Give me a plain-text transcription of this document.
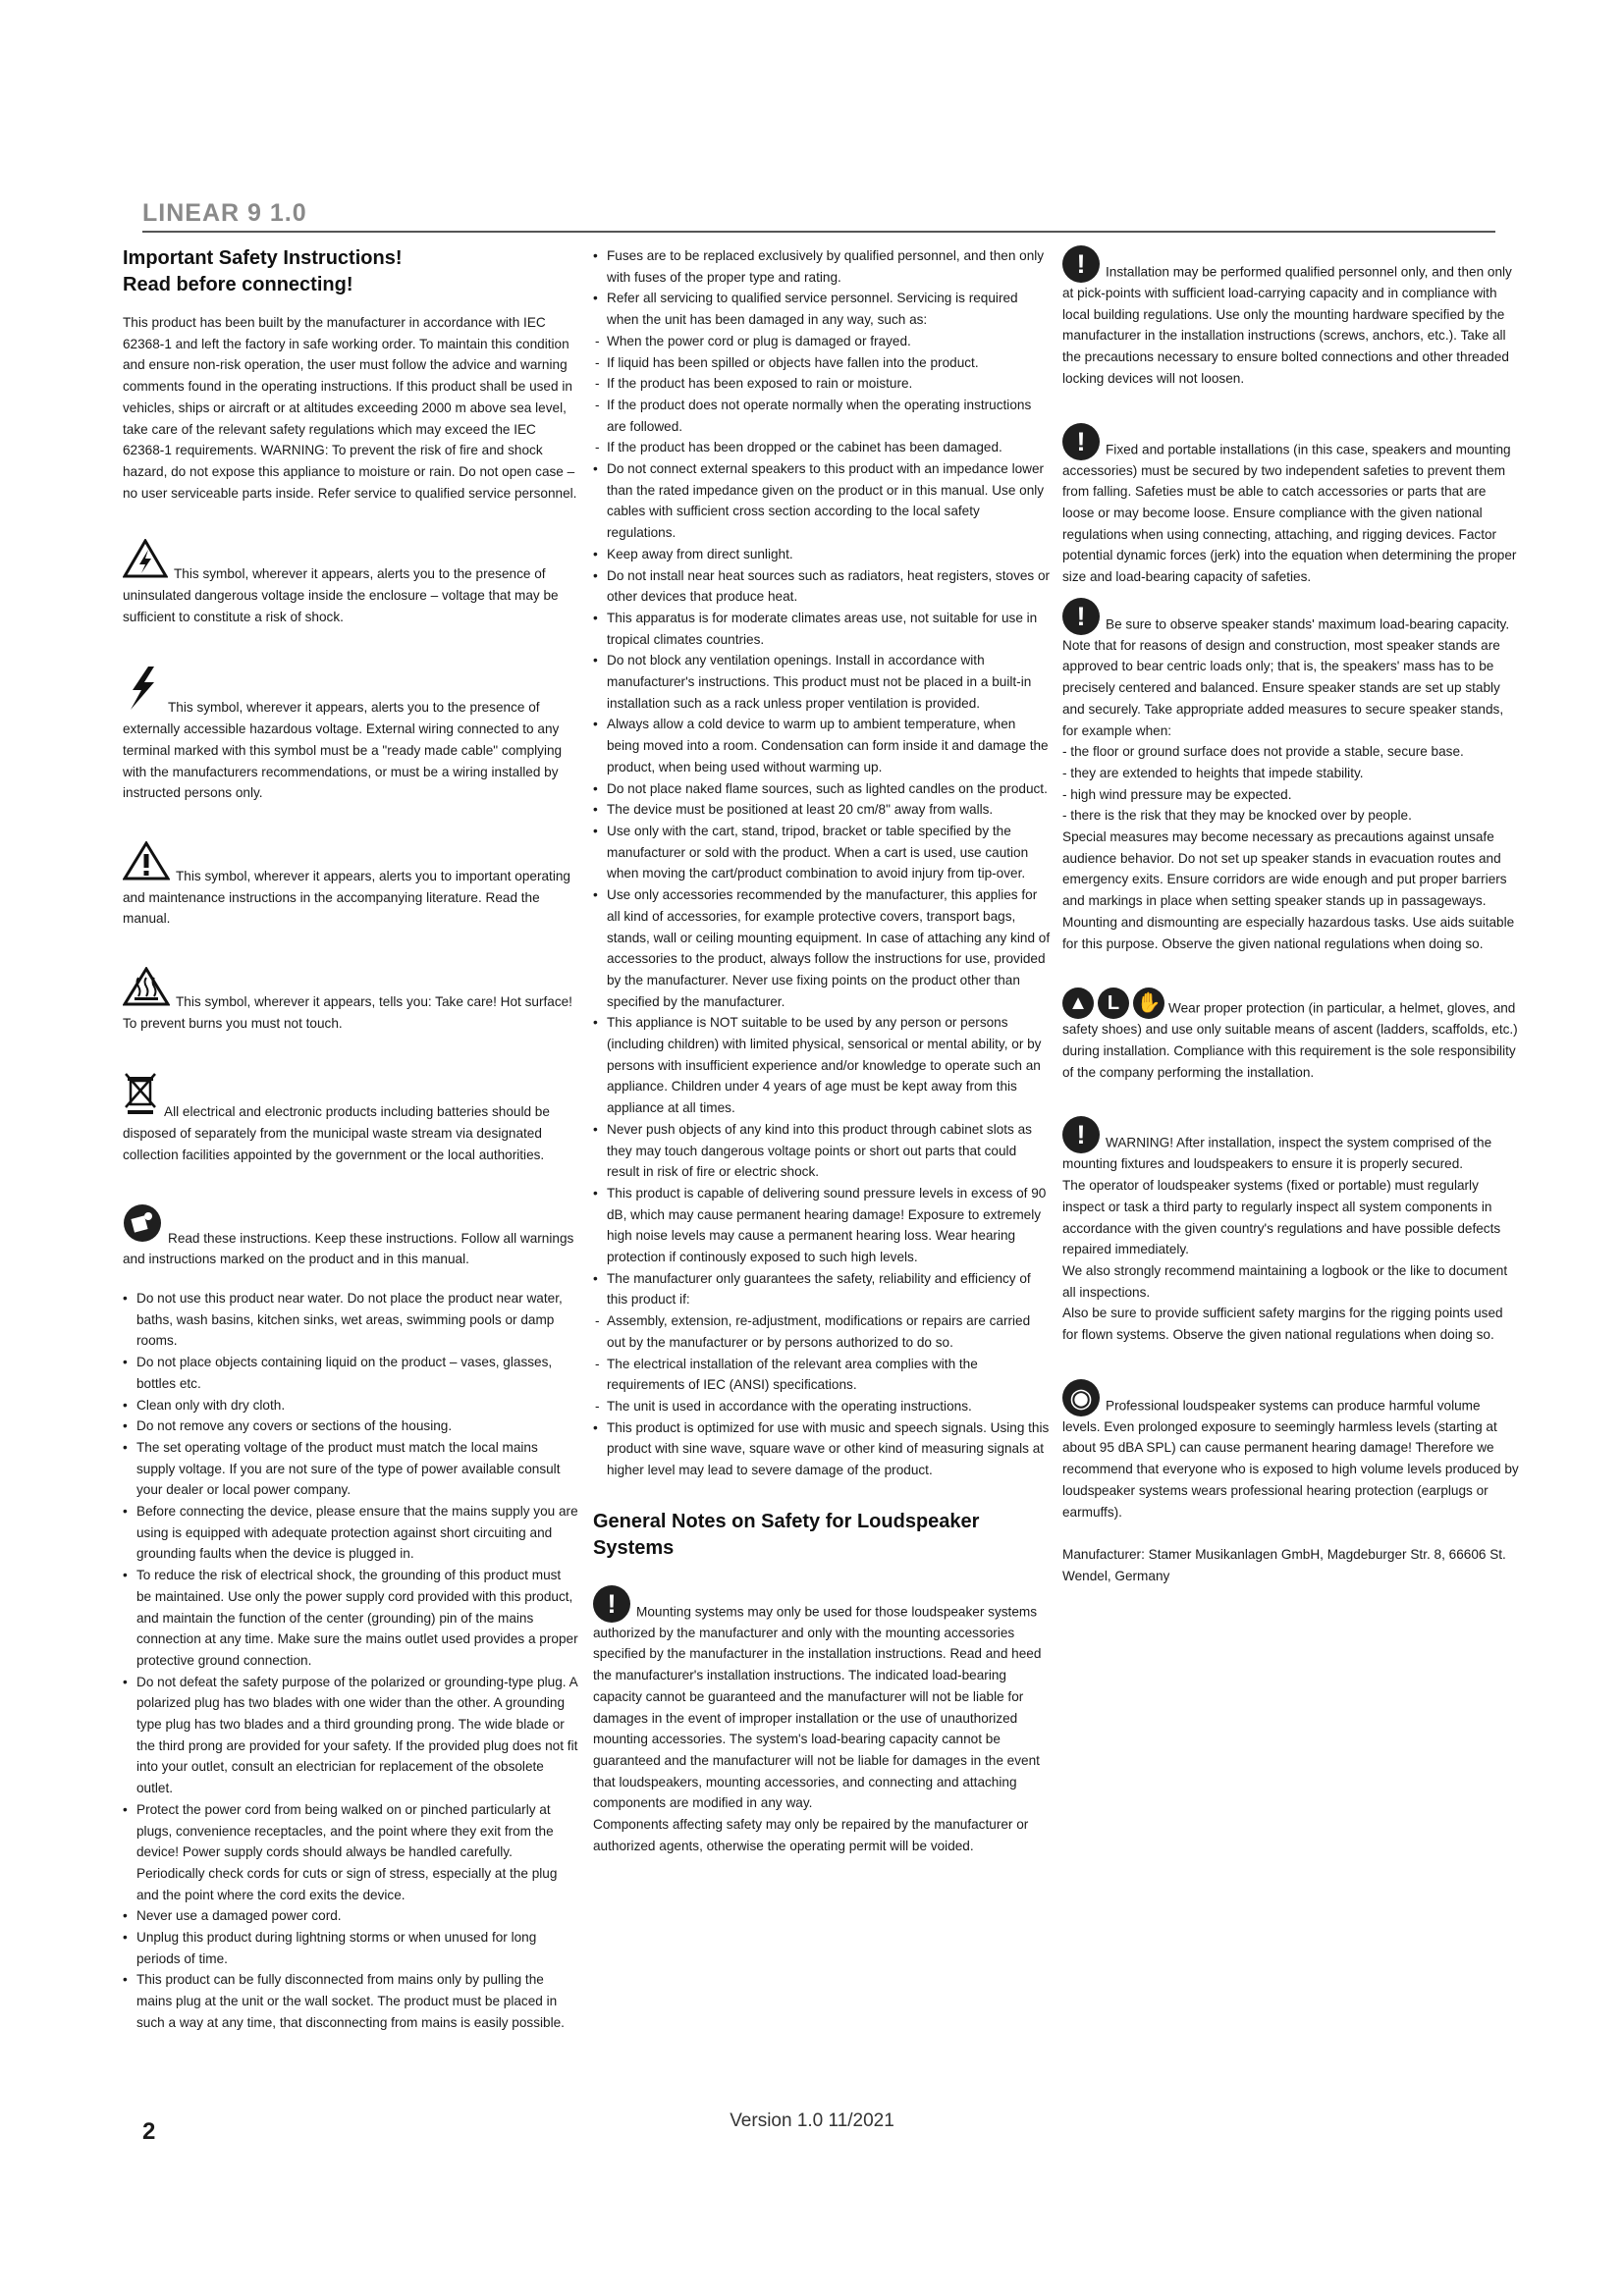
LINEAR 9 1.0
Important Safety Instructions!
Read before connecting!

This product has been built by the manufacturer in accordance with IEC 62368-1 and left the factory in safe working order. To maintain this condition and ensure non-risk operation, the user must follow the advice and warning comments found in the operating instructions. If this product shall be used in vehicles, ships or aircraft or at altitudes exceeding 2000 m above sea level, take care of the relevant safety regulations which may exceed the IEC 62368-1 requirements. WARNING: To prevent the risk of fire and shock hazard, do not expose this appliance to moisture or rain. Do not open case – no user serviceable parts inside. Refer service to qualified service personnel.

This symbol, wherever it appears, alerts you to the presence of uninsulated dangerous voltage inside the enclosure – voltage that may be sufficient to constitute a risk of shock.
This symbol, wherever it appears, alerts you to the presence of externally accessible hazardous voltage. External wiring connected to any terminal marked with this symbol must be a "ready made cable" complying with the manufacturers recommendations, or must be a wiring installed by instructed persons only.
This symbol, wherever it appears, alerts you to important operating and maintenance instructions in the accompanying literature. Read the manual.
This symbol, wherever it appears, tells you: Take care! Hot surface! To prevent burns you must not touch.
All electrical and electronic products including batteries should be disposed of separately from the municipal waste stream via designated collection facilities appointed by the government or the local authorities.
Read these instructions. Keep these instructions. Follow all warnings and instructions marked on the product and in this manual.
• Do not use this product near water. Do not place the product near water, baths, wash basins, kitchen sinks, wet areas, swimming pools or damp rooms.
• Do not place objects containing liquid on the product – vases, glasses, bottles etc.
• Clean only with dry cloth.
• Do not remove any covers or sections of the housing.
• The set operating voltage of the product must match the local mains supply voltage. If you are not sure of the type of power available consult your dealer or local power company.
• Before connecting the device, please ensure that the mains supply you are using is equipped with adequate protection against short circuiting and grounding faults when the device is plugged in.
• To reduce the risk of electrical shock, the grounding of this product must be maintained. Use only the power supply cord provided with this product, and maintain the function of the center (grounding) pin of the mains connection at any time. Make sure the mains outlet used provides a proper protective ground connection.
• Do not defeat the safety purpose of the polarized or grounding-type plug. A polarized plug has two blades with one wider than the other. A grounding type plug has two blades and a third grounding prong. The wide blade or the third prong are provided for your safety. If the provided plug does not fit into your outlet, consult an electrician for replacement of the obsolete outlet.
• Protect the power cord from being walked on or pinched particularly at plugs, convenience receptacles, and the point where they exit from the device! Power supply cords should always be handled carefully. Periodically check cords for cuts or sign of stress, especially at the plug and the point where the cord exits the device.
• Never use a damaged power cord.
• Unplug this product during lightning storms or when unused for long periods of time.
• This product can be fully disconnected from mains only by pulling the mains plug at the unit or the wall socket. The product must be placed in such a way at any time, that disconnecting from mains is easily possible.
• Fuses are to be replaced exclusively by qualified personnel, and then only with fuses of the proper type and rating.
• Refer all servicing to qualified service personnel. Servicing is required when the unit has been damaged in any way, such as:
- When the power cord or plug is damaged or frayed.
- If liquid has been spilled or objects have fallen into the product.
- If the product has been exposed to rain or moisture.
- If the product does not operate normally when the operating instructions are followed.
- If the product has been dropped or the cabinet has been damaged.
• Do not connect external speakers to this product with an impedance lower than the rated impedance given on the product or in this manual. Use only cables with sufficient cross section according to the local safety regulations.
• Keep away from direct sunlight.
• Do not install near heat sources such as radiators, heat registers, stoves or other devices that produce heat.
• This apparatus is for moderate climates areas use, not suitable for use in tropical climates countries.
• Do not block any ventilation openings. Install in accordance with manufacturer's instructions. This product must not be placed in a built-in installation such as a rack unless proper ventilation is provided.
• Always allow a cold device to warm up to ambient temperature, when being moved into a room. Condensation can form inside it and damage the product, when being used without warming up.
• Do not place naked flame sources, such as lighted candles on the product.
• The device must be positioned at least 20 cm/8" away from walls.
• Use only with the cart, stand, tripod, bracket or table specified by the manufacturer or sold with the product. When a cart is used, use caution when moving the cart/product combination to avoid injury from tip-over.
• Use only accessories recommended by the manufacturer, this applies for all kind of accessories, for example protective covers, transport bags, stands, wall or ceiling mounting equipment. In case of attaching any kind of accessories to the product, always follow the instructions for use, provided by the manufacturer. Never use fixing points on the product other than specified by the manufacturer.
• This appliance is NOT suitable to be used by any person or persons (including children) with limited physical, sensorical or mental ability, or by persons with insufficient experience and/or knowledge to operate such an appliance. Children under 4 years of age must be kept away from this appliance at all times.
• Never push objects of any kind into this product through cabinet slots as they may touch dangerous voltage points or short out parts that could result in risk of fire or electric shock.
• This product is capable of delivering sound pressure levels in excess of 90 dB, which may cause permanent hearing damage! Exposure to extremely high noise levels may cause a permanent hearing loss. Wear hearing protection if continously exposed to such high levels.
• The manufacturer only guarantees the safety, reliability and efficiency of this product if:
- Assembly, extension, re-adjustment, modifications or repairs are carried out by the manufacturer or by persons authorized to do so.
- The electrical installation of the relevant area complies with the requirements of IEC (ANSI) specifications.
- The unit is used in accordance with the operating instructions.
• This product is optimized for use with music and speech signals. Using this product with sine wave, square wave or other kind of measuring signals at higher level may lead to severe damage of the product.
General Notes on Safety for Loudspeaker
Systems

! Mounting systems may only be used for those loudspeaker systems authorized by the manufacturer and only with the mounting accessories specified by the manufacturer in the installation instructions. Read and heed the manufacturer's installation instructions. The indicated load-bearing capacity cannot be guaranteed and the manufacturer will not be liable for damages in the event of improper installation or the use of unauthorized mounting accessories. The system's load-bearing capacity cannot be guaranteed and the manufacturer will not be liable for damages in the event that loudspeakers, mounting accessories, and connecting and attaching components are modified in any way.

Components affecting safety may only be repaired by the manufacturer or authorized agents, otherwise the operating permit will be voided.

! Installation may be performed qualified personnel only, and then only at pick-points with sufficient load-carrying capacity and in compliance with local building regulations. Use only the mounting hardware specified by the manufacturer in the installation instructions (screws, anchors, etc.). Take all the precautions necessary to ensure bolted connections and other threaded locking devices will not loosen.
! Fixed and portable installations (in this case, speakers and mounting accessories) must be secured by two independent safeties to prevent them from falling. Safeties must be able to catch accessories or parts that are loose or may become loose. Ensure compliance with the given national regulations when using connecting, attaching, and rigging devices. Factor potential dynamic forces (jerk) into the equation when determining the proper size and load-bearing capacity of safeties.

! Be sure to observe speaker stands' maximum load-bearing capacity. Note that for reasons of design and construction, most speaker stands are approved to bear centric loads only; that is, the speakers' mass has to be precisely centered and balanced. Ensure speaker stands are set up stably and securely. Take appropriate added measures to secure speaker stands, for example when:

- the floor or ground surface does not provide a stable, secure base.

- they are extended to heights that impede stability.

- high wind pressure may be expected.

- there is the risk that they may be knocked over by people.

Special measures may become necessary as precautions against unsafe audience behavior. Do not set up speaker stands in evacuation routes and emergency exits. Ensure corridors are wide enough and put proper barriers and markings in place when setting speaker stands up in passageways. Mounting and dismounting are especially hazardous tasks. Use aids suitable for this purpose. Observe the given national regulations when doing so.

▲ L ✋ Wear proper protection (in particular, a helmet, gloves, and safety shoes) and use only suitable means of ascent (ladders, scaffolds, etc.) during installation. Compliance with this requirement is the sole responsibility of the company performing the installation.

! WARNING! After installation, inspect the system comprised of the mounting fixtures and loudspeakers to ensure it is properly secured.

The operator of loudspeaker systems (fixed or portable) must regularly inspect or task a third party to regularly inspect all system components in accordance with the given country's regulations and have possible defects repaired immediately.

We also strongly recommend maintaining a logbook or the like to document all inspections.

Also be sure to provide sufficient safety margins for the rigging points used for flown systems. Observe the given national regulations when doing so.

◉ Professional loudspeaker systems can produce harmful volume levels. Even prolonged exposure to seemingly harmless levels (starting at about 95 dBA SPL) can cause permanent hearing damage! Therefore we recommend that everyone who is exposed to high volume levels produced by loudspeaker systems wears professional hearing protection (earplugs or earmuffs).

Manufacturer: Stamer Musikanlagen GmbH, Magdeburger Str. 8, 66606 St. Wendel, Germany

2	Version 1.0 11/2021
